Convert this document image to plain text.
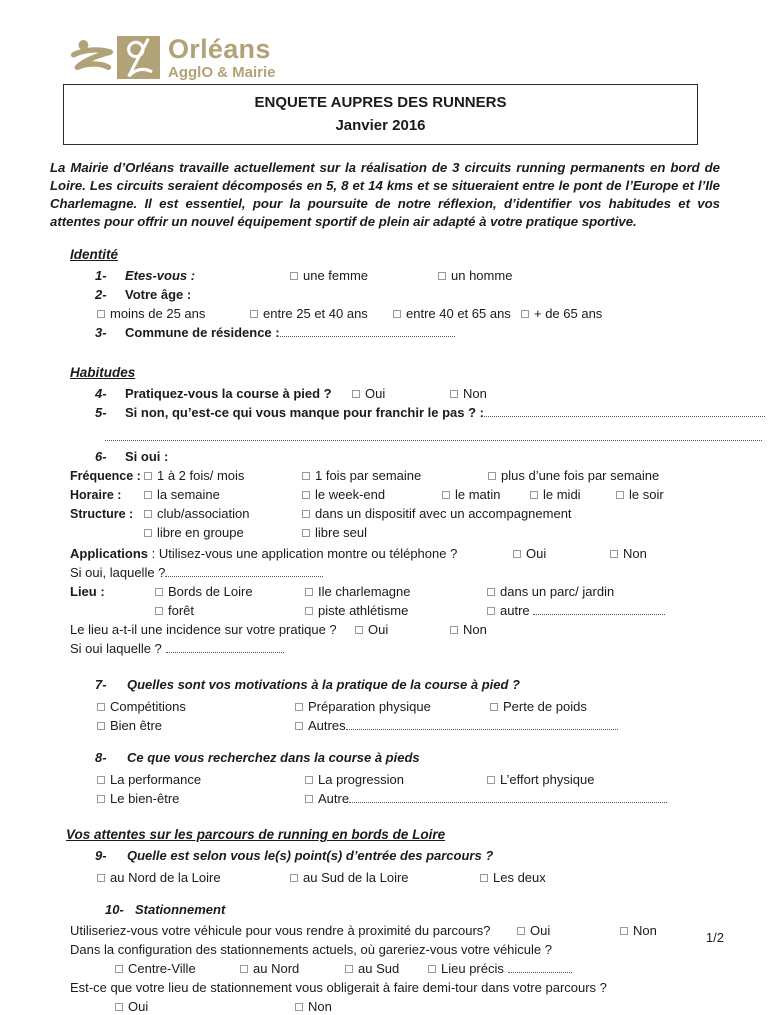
Orléans
AgglO & Mairie
ENQUETE AUPRES DES RUNNERS
Janvier 2016

La Mairie d’Orléans travaille actuellement sur la réalisation de 3 circuits running permanents en bord de Loire. Les circuits seraient décomposés en 5, 8 et 14 kms et se situeraient entre le pont de l’Europe et l’Ile Charlemagne. Il est essentiel, pour la poursuite de notre réflexion, d’identifier vos habitudes et vos attentes pour offrir un nouvel équipement sportif de plein air adapté à votre pratique sportive.

Identité
1-	Etes-vous :	une femme	un homme
2-	Votre âge :
moins de 25 ans	entre 25 et 40 ans	entre 40 et 65 ans	+ de 65 ans
3-	Commune de résidence :
Habitudes
4-	Pratiquez-vous la course à pied ?	Oui	Non
5-	Si non, qu’est-ce qui vous manque pour franchir le pas ? :
6-	Si oui :
Fréquence :	1 à 2 fois/ mois	1 fois par semaine	plus d’une fois par semaine
Horaire :	la semaine	le week-end	le matin	le midi	le soir
Structure :	club/association	dans un dispositif avec un accompagnement
libre en groupe	libre seul
Applications : Utilisez-vous une application montre ou téléphone ?	Oui	Non
Si oui, laquelle ?
Lieu :	Bords de Loire	Ile charlemagne	dans un parc/ jardin
forêt	piste athlétisme	autre
Le lieu a-t-il une incidence sur votre pratique ?	Oui	Non
Si oui laquelle ?
7-	Quelles sont vos motivations à la pratique de la course à pied ?
Compétitions	Préparation physique	Perte de poids
Bien être	Autres
8-	Ce que vous recherchez dans la course à pieds
La performance	La progression	L’effort physique
Le bien-être	Autre
Vos attentes sur les parcours de running en bords de Loire
9-	Quelle est selon vous le(s) point(s) d’entrée des parcours ?
au Nord de la Loire	au Sud de la Loire	Les deux
10- Stationnement
Utiliseriez-vous votre véhicule pour vous rendre à proximité du parcours?	Oui	Non
Dans la configuration des stationnements actuels, où gareriez-vous votre véhicule ?
Centre-Ville	au Nord	au Sud	Lieu précis
Est-ce que votre lieu de stationnement vous obligerait à faire demi-tour dans votre parcours ?
Oui	Non
1/2
